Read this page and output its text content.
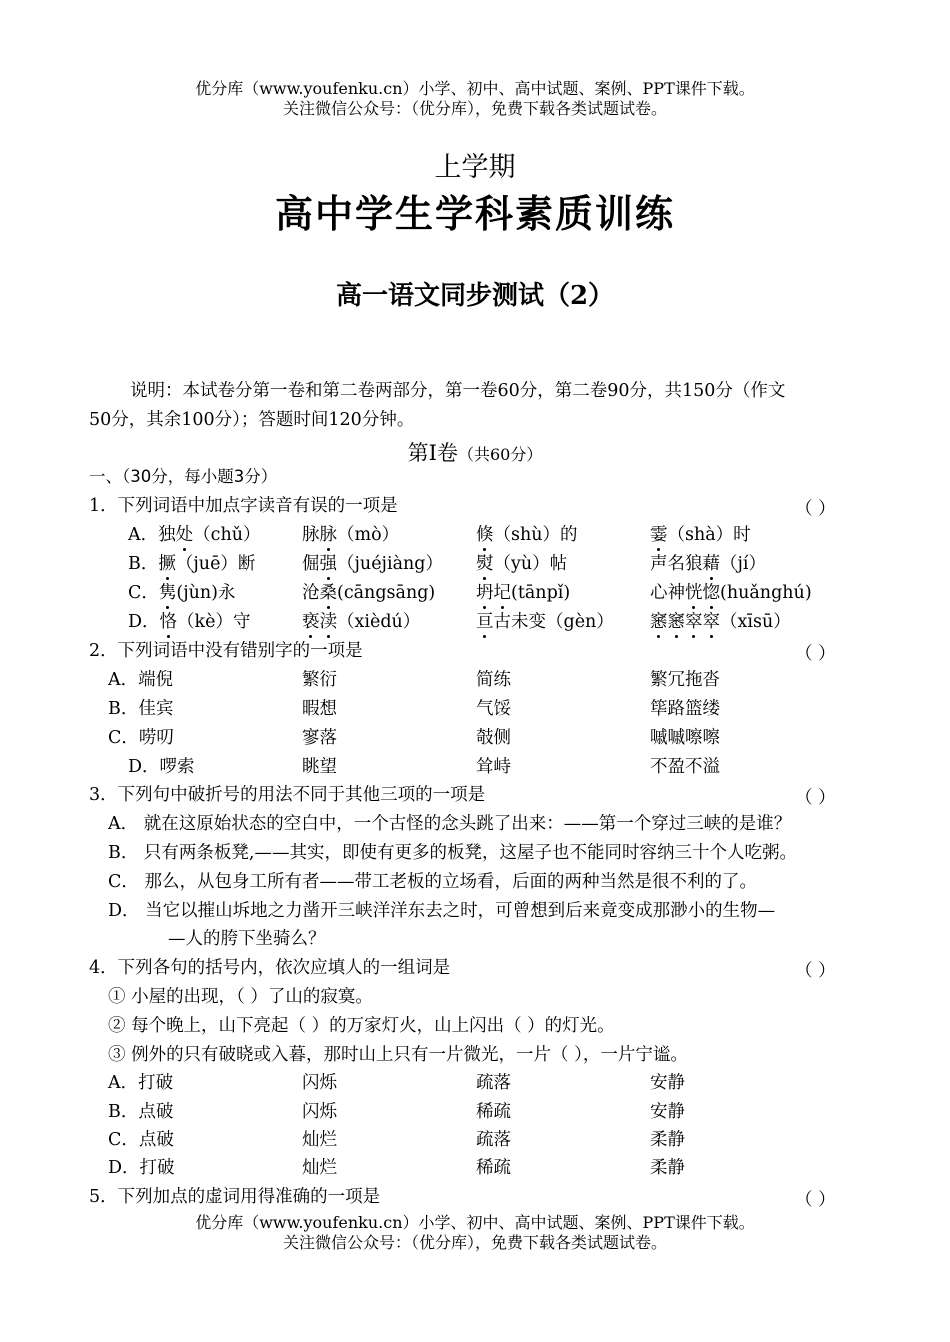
优分库（www.youfenku.cn）小学、初中、高中试题、案例、PPT课件下载。
关注微信公众号：（优分库），免费下载各类试题试卷。
上学期
高中学生学科素质训练
高一语文同步测试（2）
说明：本试卷分第一卷和第二卷两部分，第一卷60分，第二卷90分，共150分（作文
50分，其余100分）；答题时间120分钟。
第Ⅰ卷（共60分）
一、（30分，每小题3分）
1．下列词语中加点字读音有误的一项是	（ ）
A．独处（chǔ） 脉脉（mò）	倏（shù）的	霎（shà）时
B．撅（juē）断	倔强（juéjiàng） 熨（yù）帖	声名狼藉（jí）
C．隽(jùn)永	沧桑(cāngsāng) 坍圮(tānpǐ)	心神恍惚(huǎnghú)
D．恪（kè）守	亵渎（xièdú）	亘古未变（gèn） 窸窸窣窣（xīsū）
2．下列词语中没有错别字的一项是	（ ）
A．端倪	繁衍	简练	繁冗拖沓
B．佳宾	暇想	气馁	筚路篮缕
C．唠叨	寥落	攲侧	嘁嘁嚓嚓
D．啰索	眺望	耸峙	不盈不溢
3．下列句中破折号的用法不同于其他三项的一项是	（ ）
A． 就在这原始状态的空白中，一个古怪的念头跳了出来：——第一个穿过三峡的是谁？
B． 只有两条板凳,——其实，即使有更多的板凳，这屋子也不能同时容纳三十个人吃粥。
C． 那么，从包身工所有者——带工老板的立场看，后面的两种当然是很不利的了。
D． 当它以摧山坼地之力凿开三峡洋洋东去之时，可曾想到后来竟变成那渺小的生物—
—人的胯下坐骑么？
4．下列各句的括号内，依次应填人的一组词是	（ ）
① 小屋的出现，（ ）了山的寂寞。
② 每个晚上，山下亮起（ ）的万家灯火，山上闪出（ ）的灯光。
③ 例外的只有破晓或入暮，那时山上只有一片微光，一片（ ），一片宁谧。
A．打破	闪烁	疏落	安静
B．点破	闪烁	稀疏	安静
C．点破	灿烂	疏落	柔静
D．打破	灿烂	稀疏	柔静
5．下列加点的虚词用得准确的一项是	（ ）
优分库（www.youfenku.cn）小学、初中、高中试题、案例、PPT课件下载。
关注微信公众号：（优分库），免费下载各类试题试卷。
